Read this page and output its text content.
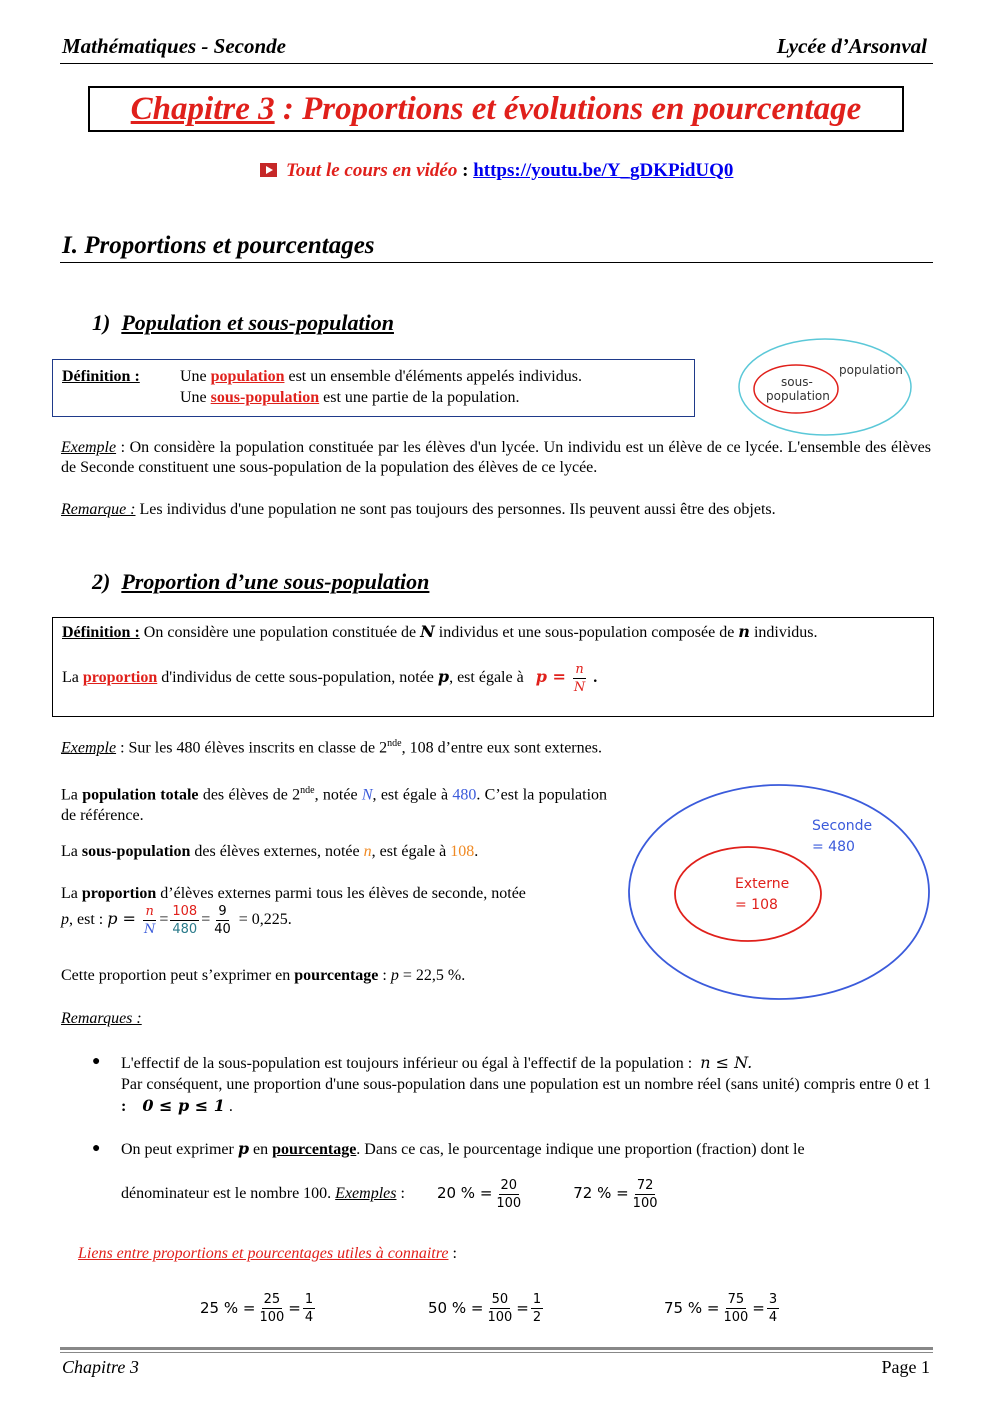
Mathématiques - Seconde	Lycée d’Arsonval
Chapitre 3 : Proportions et évolutions en pourcentage
Tout le cours en vidéo : https://youtu.be/Y_gDKPidUQ0
I. Proportions et pourcentages
1) Population et sous-population
Définition :	Une population est un ensemble d'éléments appelés individus.
Une sous-population est une partie de la population.
population
sous-
population
Exemple : On considère la population constituée par les élèves d'un lycée. Un individu est un élève de ce lycée. L'ensemble des élèves de Seconde constituent une sous-population de la population des élèves de ce lycée.
Remarque : Les individus d'une population ne sont pas toujours des personnes. Ils peuvent aussi être des objets.
2) Proportion d’une sous-population
Définition : On considère une population constituée de N individus et une sous-population composée de n individus.
La proportion d'individus de cette sous-population, notée p, est égale à   $p = \frac{n}{N}$ .
Exemple : Sur les 480 élèves inscrits en classe de 2nde, 108 d’entre eux sont externes.
La population totale des élèves de 2nde, notée N, est égale à 480. C’est la population de référence.
La sous-population des élèves externes, notée n, est égale à 108.
La proportion d’élèves externes parmi tous les élèves de seconde, notée
p, est : $p = \frac{n}{N} = \frac{108}{480} = \frac{9}{40} = 0,225$.
Cette proportion peut s’exprimer en pourcentage : p = 22,5 %.
Seconde
= 480
Externe
= 108
Remarques :
● L'effectif de la sous-population est toujours inférieur ou égal à l'effectif de la population : n ≤ N.

Par conséquent, une proportion d'une sous-population dans une population est un nombre réel (sans unité) compris entre 0 et 1 : 0 ≤ p ≤ 1 .

● On peut exprimer p en pourcentage. Dans ce cas, le pourcentage indique une proportion (fraction) dont le
dénominateur est le nombre 100. Exemples : 20 % = $\frac{20}{100}$	72 % = $\frac{72}{100}$
Liens entre proportions et pourcentages utiles à connaitre :
25 % = $\frac{25}{100} = \frac{1}{4}$	50 % = $\frac{50}{100} = \frac{1}{2}$	75 % = $\frac{75}{100} = \frac{3}{4}$
Chapitre 3	Page 1
